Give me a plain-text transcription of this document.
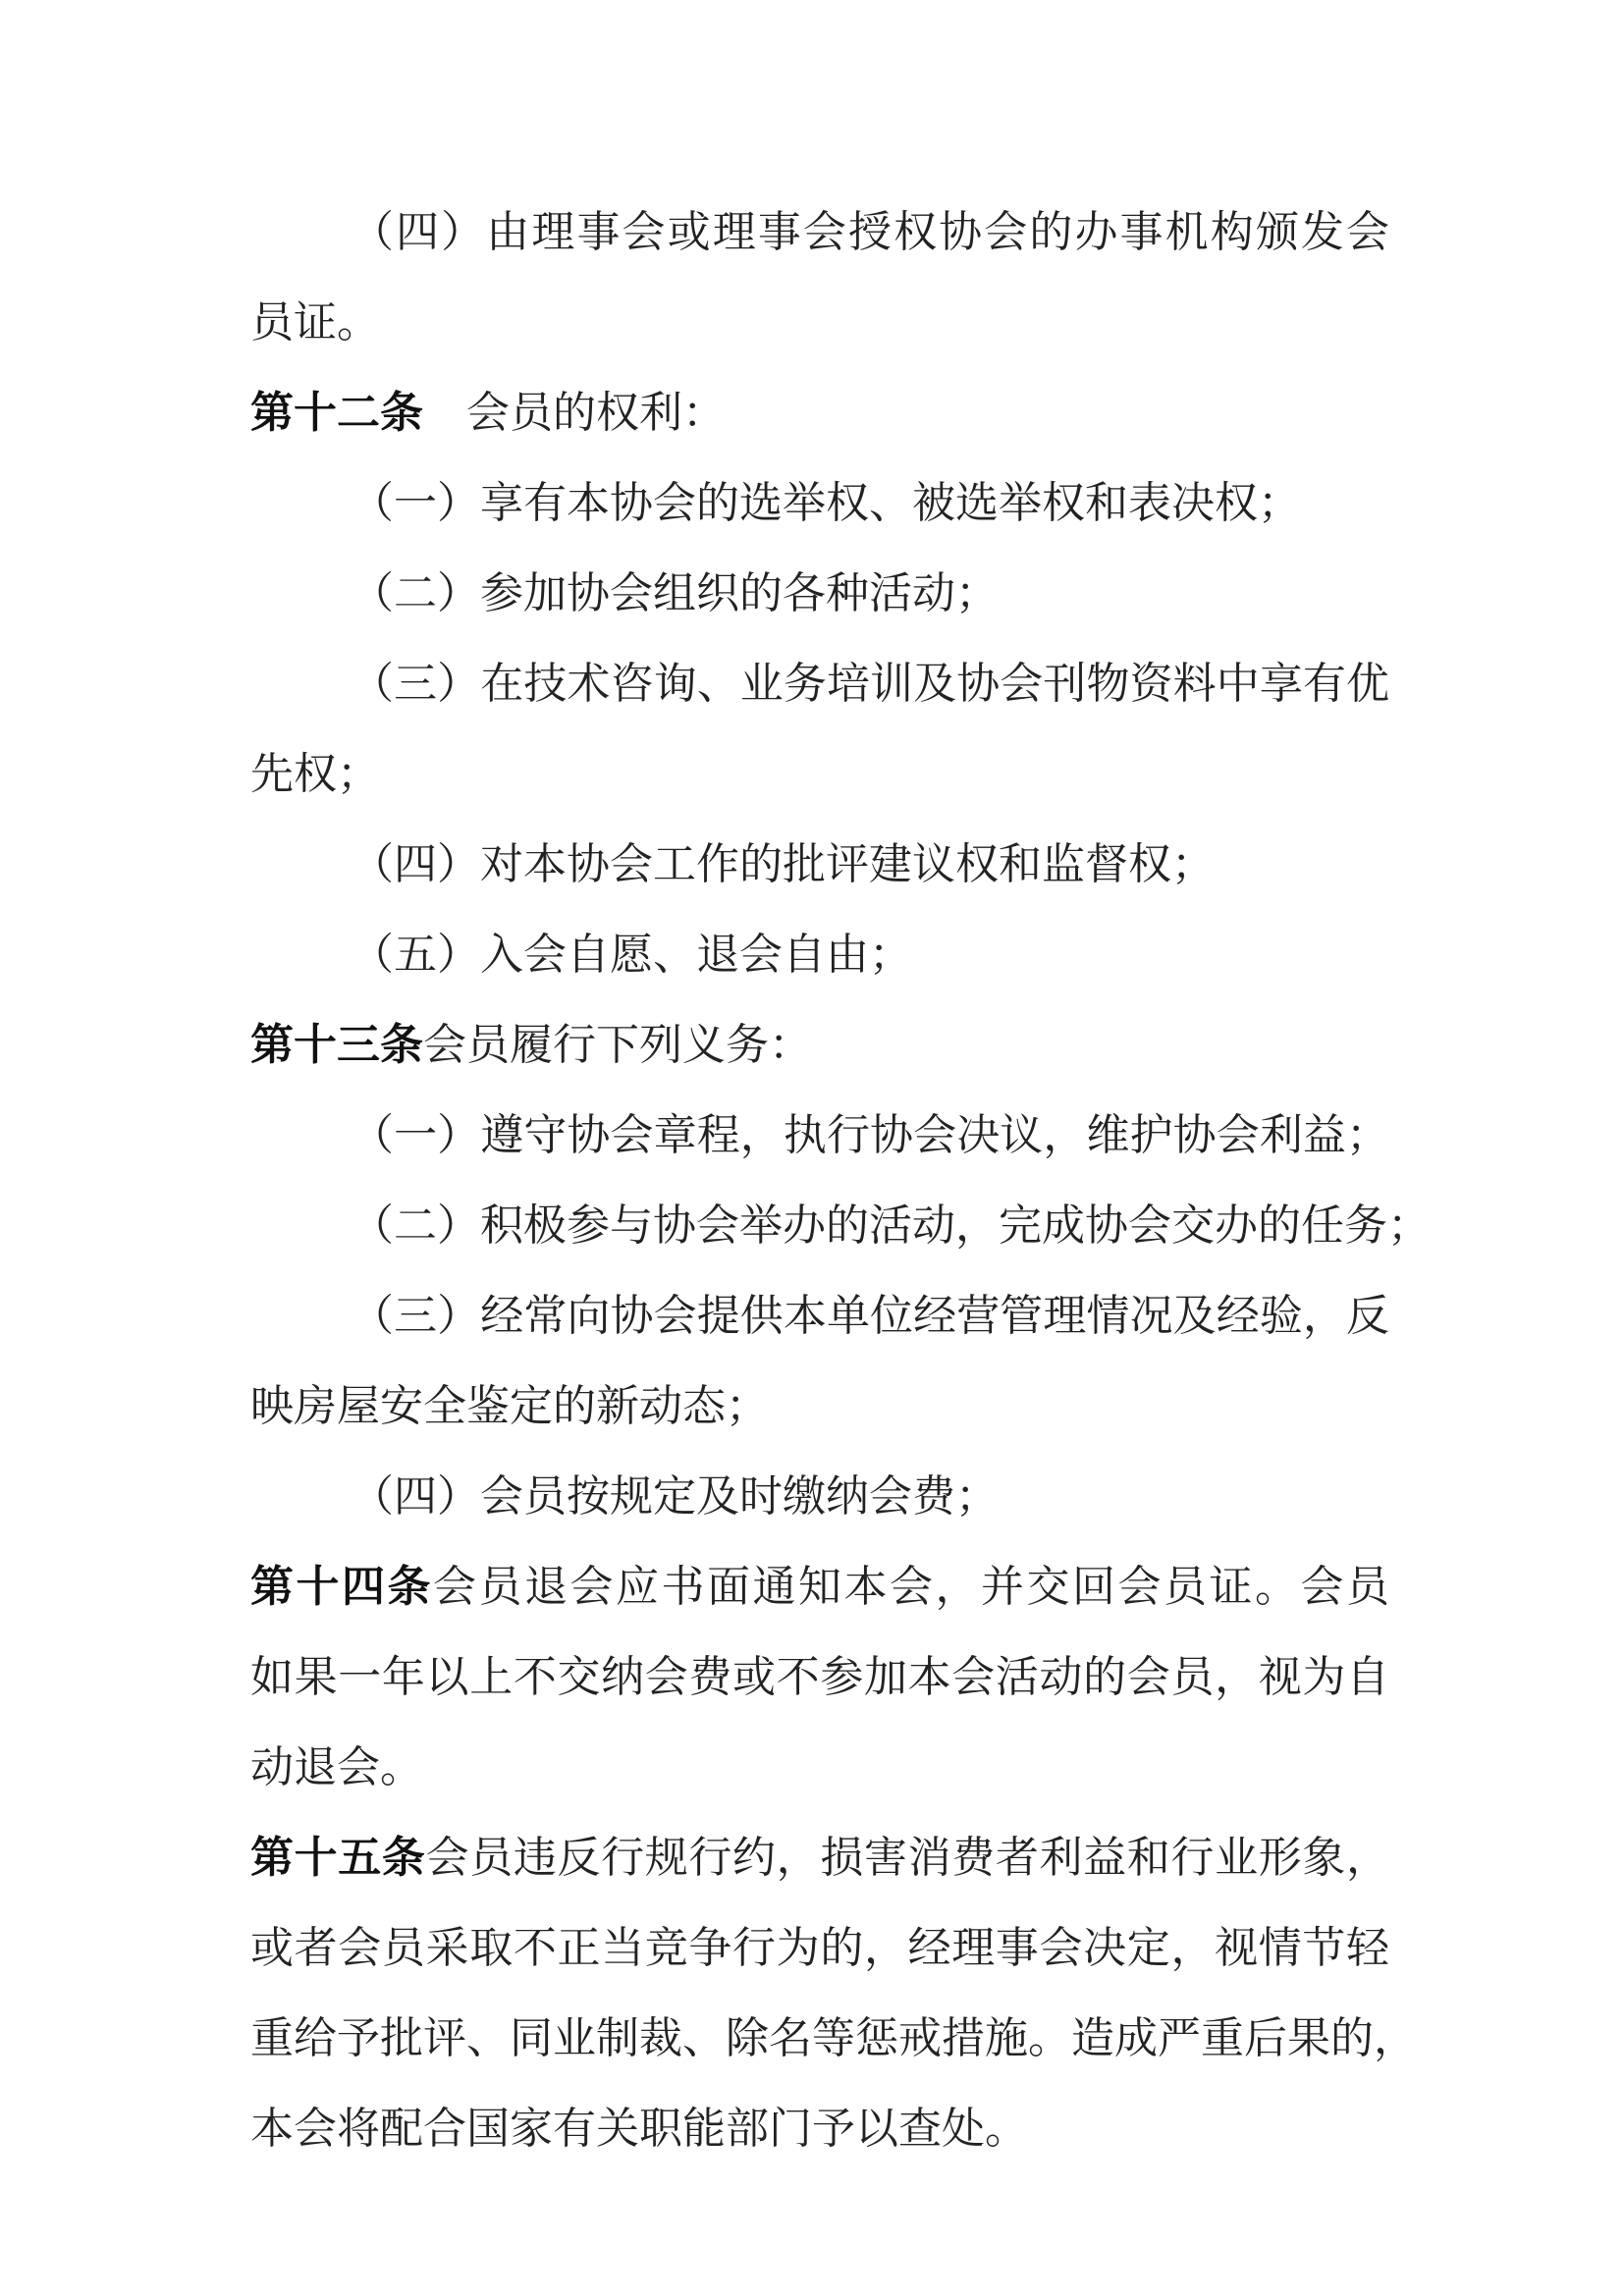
（四）由理事会或理事会授权协会的办事机构颁发会
员证。
第十二条　会员的权利：
（一）享有本协会的选举权、被选举权和表决权；
（二）参加协会组织的各种活动；
（三）在技术咨询、业务培训及协会刊物资料中享有优
先权；
（四）对本协会工作的批评建议权和监督权；
（五）入会自愿、退会自由；
第十三条会员履行下列义务：
（一）遵守协会章程，执行协会决议，维护协会利益；
（二）积极参与协会举办的活动，完成协会交办的任务；
（三）经常向协会提供本单位经营管理情况及经验，反
映房屋安全鉴定的新动态；
（四）会员按规定及时缴纳会费；
第十四条会员退会应书面通知本会，并交回会员证。会员
如果一年以上不交纳会费或不参加本会活动的会员，视为自
动退会。
第十五条会员违反行规行约，损害消费者利益和行业形象，
或者会员采取不正当竞争行为的，经理事会决定，视情节轻
重给予批评、同业制裁、除名等惩戒措施。造成严重后果的，
本会将配合国家有关职能部门予以查处。
